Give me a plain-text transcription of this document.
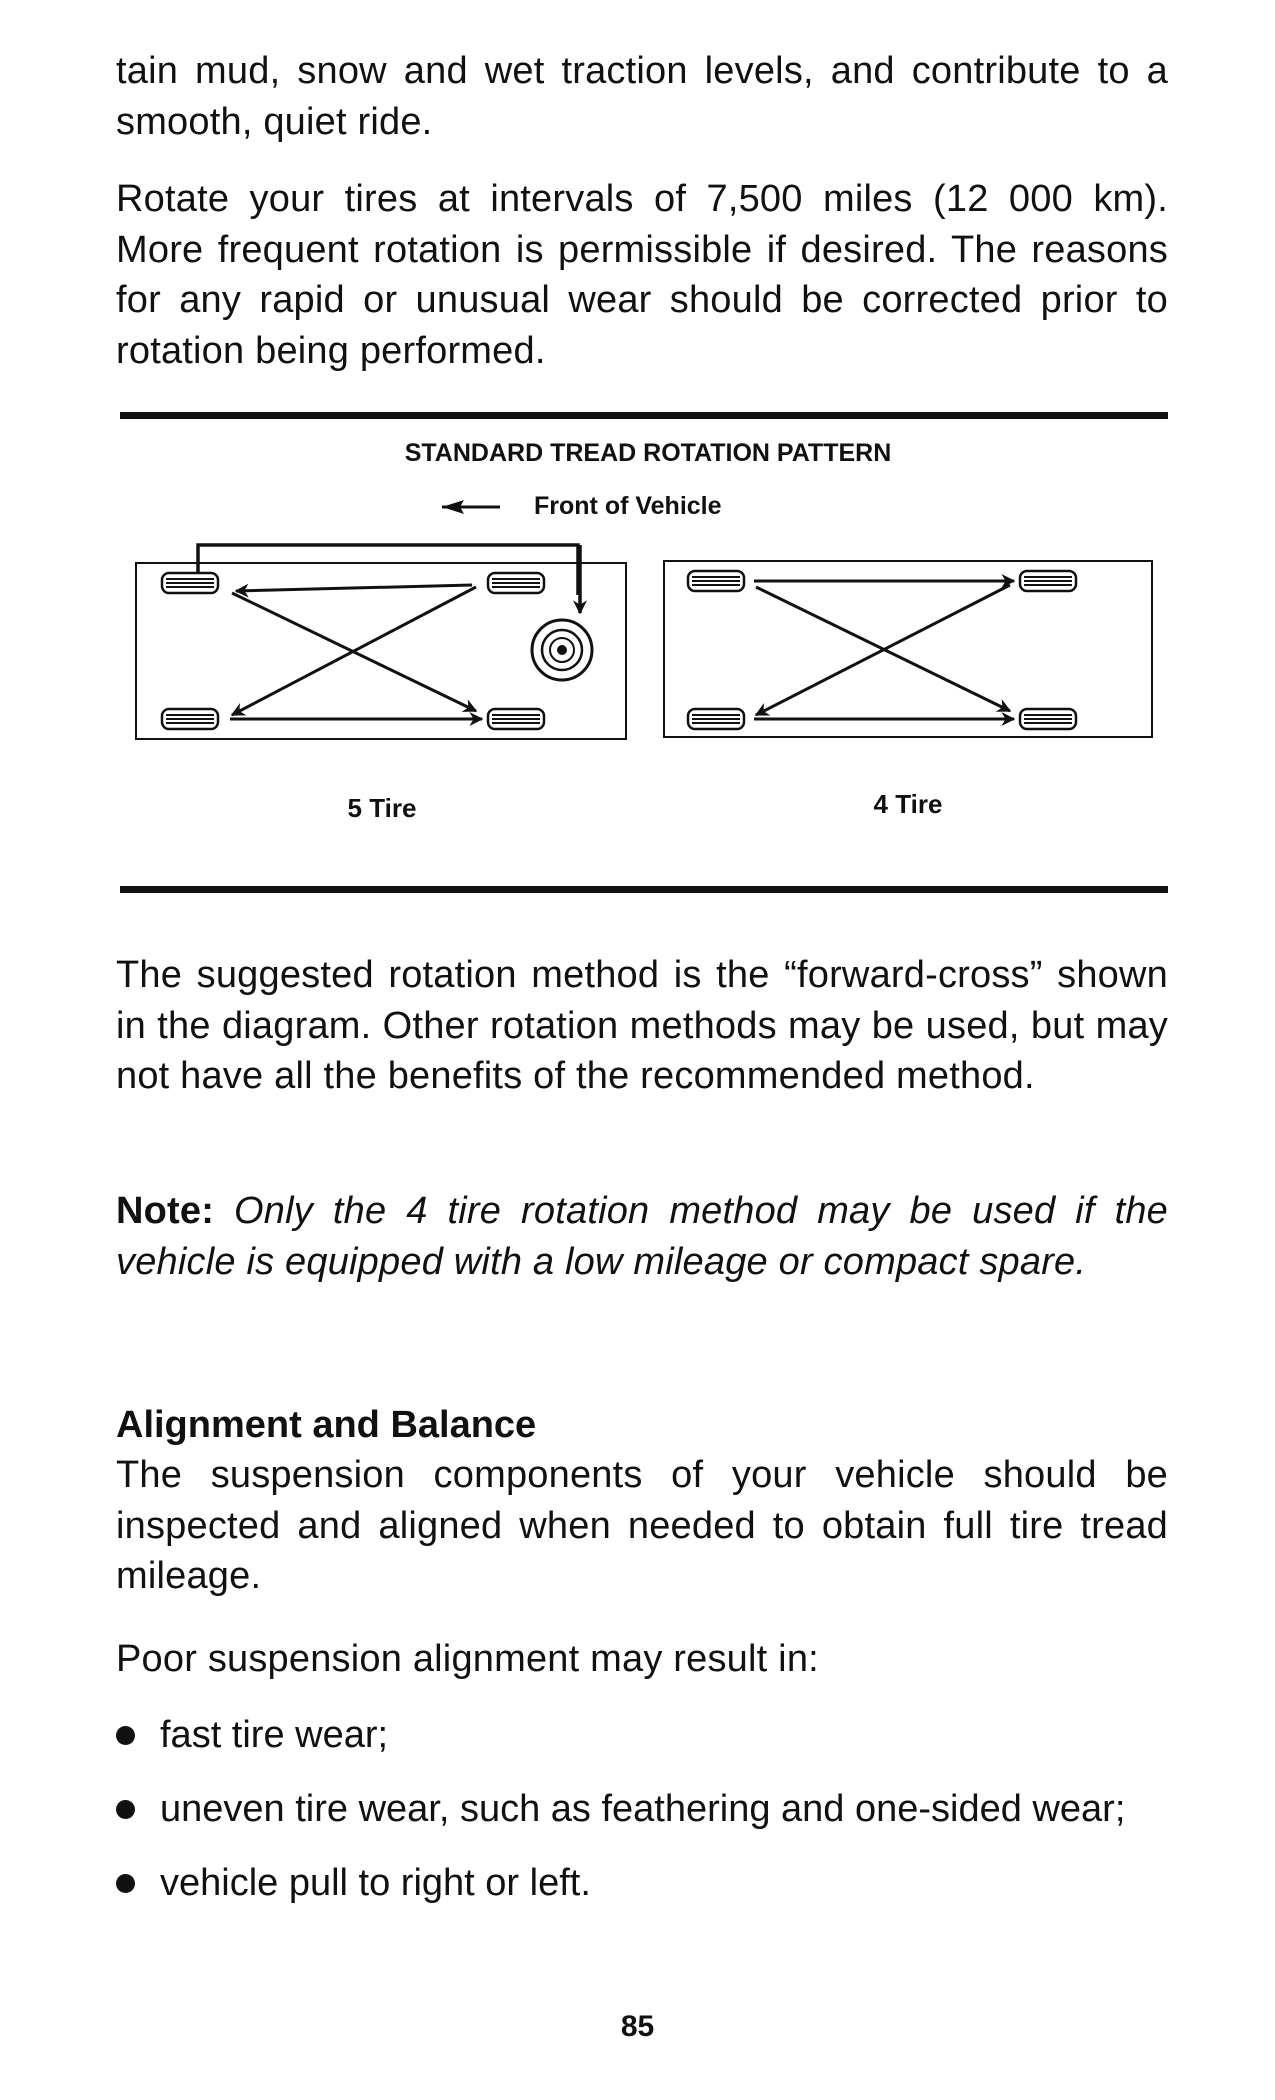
tain mud, snow and wet traction levels, and contribute to a smooth, quiet ride.

Rotate your tires at intervals of 7,500 miles (12 000 km). More frequent rotation is permissible if desired. The reasons for any rapid or unusual wear should be corrected prior to rotation being performed.

STANDARD TREAD ROTATION PATTERN
Front of Vehicle
5 Tire	4 Tire

The suggested rotation method is the “forward-cross” shown in the diagram. Other rotation methods may be used, but may not have all the benefits of the recommended method.

Note: Only the 4 tire rotation method may be used if the vehicle is equipped with a low mileage or compact spare.

Alignment and Balance

The suspension components of your vehicle should be inspected and aligned when needed to obtain full tire tread mileage.

Poor suspension alignment may result in:

fast tire wear;
uneven tire wear, such as feathering and one-sided wear;
vehicle pull to right or left.
85
